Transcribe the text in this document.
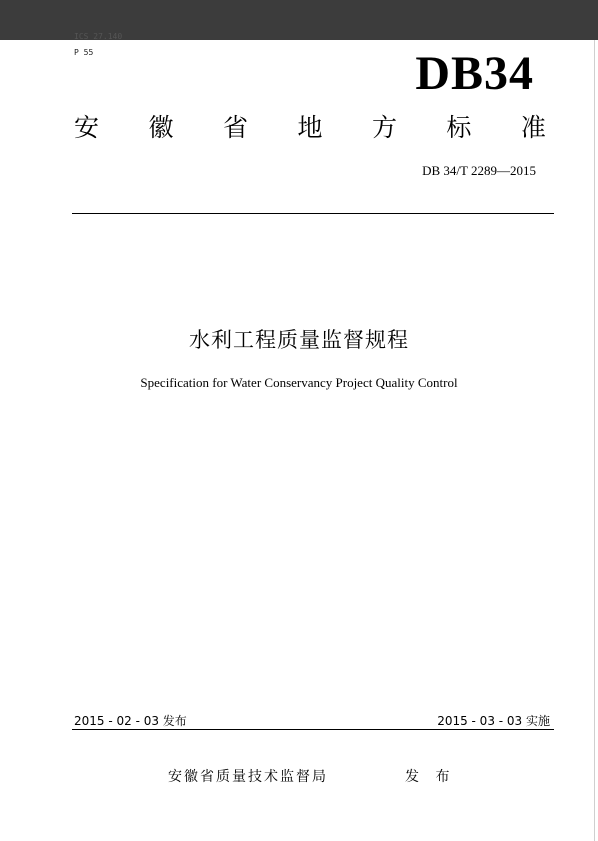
ICS 27.140
P 55	DB34
安 徽 省 地 方 标 准
DB 34/T 2289—2015
水利工程质量监督规程
Specification for Water Conservancy Project Quality Control
2015 - 02 - 03 发布	2015 - 03 - 03 实施
安徽省质量技术监督局	发 布
